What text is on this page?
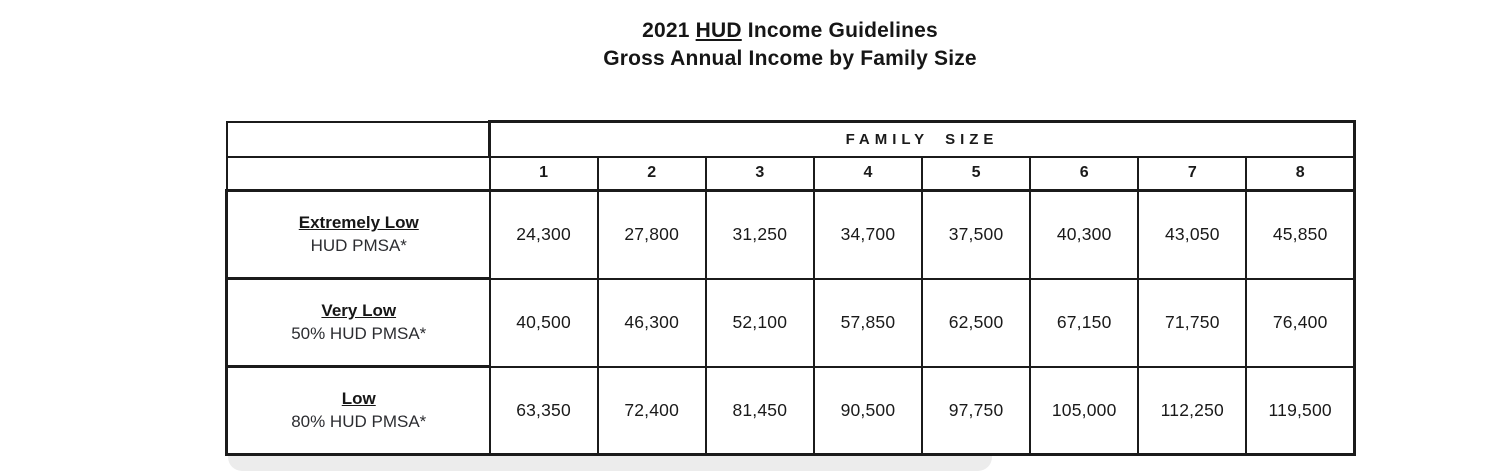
2021 HUD Income Guidelines
Gross Annual Income by Family Size
	FAMILY SIZE							
	1	2	3	4	5	6	7	8

Extremely Low
HUD PMSA*	24,300	27,800	31,250	34,700	37,500	40,300	43,050	45,850

Very Low
50% HUD PMSA*	40,500	46,300	52,100	57,850	62,500	67,150	71,750	76,400

Low
80% HUD PMSA*	63,350	72,400	81,450	90,500	97,750	105,000	112,250	119,500
